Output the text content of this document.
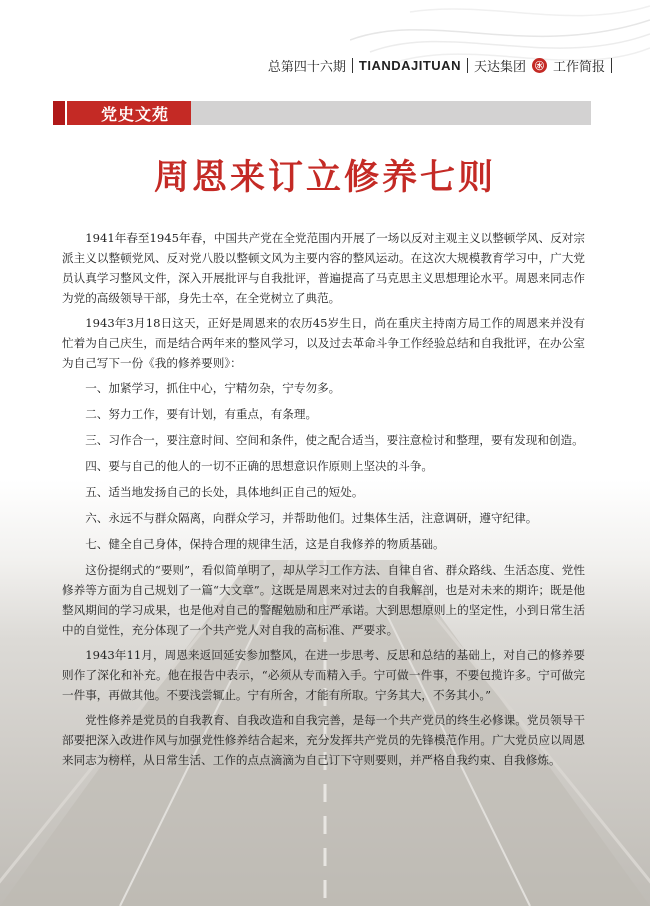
总第四十六期 TIANDAJITUAN 天达集团 ㊌ 工作简报
党史文苑
周恩来订立修养七则

1941年春至1945年春，中国共产党在全党范围内开展了一场以反对主观主义以整顿学风、反对宗派主义以整顿党风、反对党八股以整顿文风为主要内容的整风运动。在这次大规模教育学习中，广大党员认真学习整风文件，深入开展批评与自我批评，普遍提高了马克思主义思想理论水平。周恩来同志作为党的高级领导干部，身先士卒，在全党树立了典范。

1943年3月18日这天，正好是周恩来的农历45岁生日，尚在重庆主持南方局工作的周恩来并没有忙着为自己庆生，而是结合两年来的整风学习，以及过去革命斗争工作经验总结和自我批评，在办公室为自己写下一份《我的修养要则》：

一、加紧学习，抓住中心，宁精勿杂，宁专勿多。

二、努力工作，要有计划，有重点，有条理。

三、习作合一，要注意时间、空间和条件，使之配合适当，要注意检讨和整理，要有发现和创造。

四、要与自己的他人的一切不正确的思想意识作原则上坚决的斗争。

五、适当地发扬自己的长处，具体地纠正自己的短处。

六、永远不与群众隔离，向群众学习，并帮助他们。过集体生活，注意调研，遵守纪律。

七、健全自己身体，保持合理的规律生活，这是自我修养的物质基础。

这份提纲式的“要则”，看似简单明了，却从学习工作方法、自律自省、群众路线、生活态度、党性修养等方面为自己规划了一篇“大文章”。这既是周恩来对过去的自我解剖，也是对未来的期许；既是他整风期间的学习成果，也是他对自己的警醒勉励和庄严承诺。大到思想原则上的坚定性，小到日常生活中的自觉性，充分体现了一个共产党人对自我的高标准、严要求。

1943年11月，周恩来返回延安参加整风，在进一步思考、反思和总结的基础上，对自己的修养要则作了深化和补充。他在报告中表示，“必须从专而精入手。宁可做一件事，不要包揽许多。宁可做完一件事，再做其他。不要浅尝辄止。宁有所舍，才能有所取。宁务其大，不务其小。”

党性修养是党员的自我教育、自我改造和自我完善，是每一个共产党员的终生必修课。党员领导干部要把深入改进作风与加强党性修养结合起来，充分发挥共产党员的先锋模范作用。广大党员应以周恩来同志为榜样，从日常生活、工作的点点滴滴为自己订下守则要则，并严格自我约束、自我修炼。
